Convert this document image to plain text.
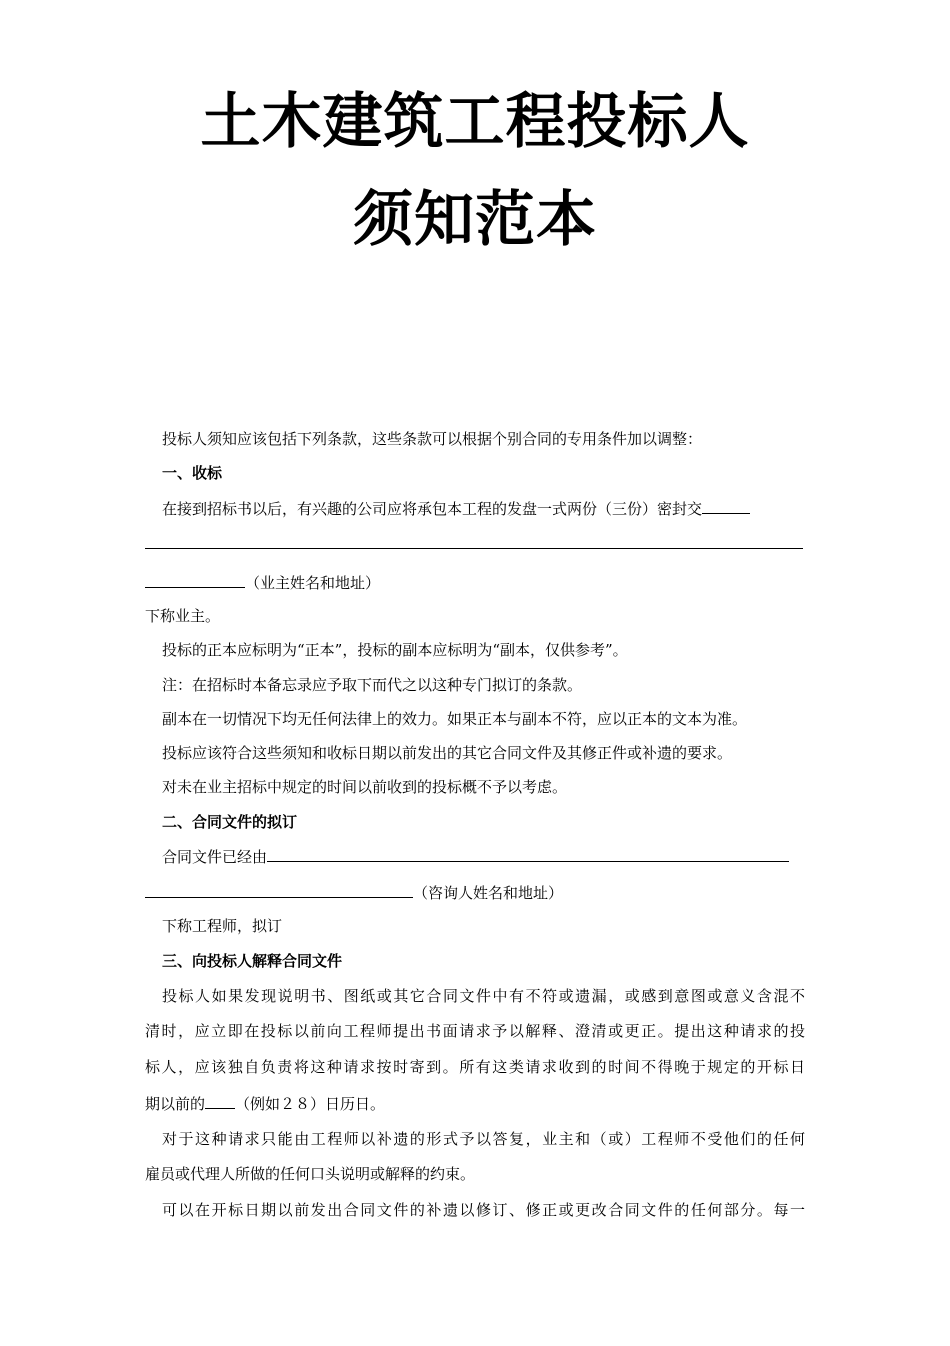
土木建筑工程投标人
须知范本
投标人须知应该包括下列条款，这些条款可以根据个别合同的专用条件加以调整：
一、收标
在接到招标书以后，有兴趣的公司应将承包本工程的发盘一式两份（三份）密封交
（业主姓名和地址）
下称业主。
投标的正本应标明为“正本”，投标的副本应标明为“副本，仅供参考”。
注：在招标时本备忘录应予取下而代之以这种专门拟订的条款。
副本在一切情况下均无任何法律上的效力。如果正本与副本不符，应以正本的文本为准。
投标应该符合这些须知和收标日期以前发出的其它合同文件及其修正件或补遗的要求。
对未在业主招标中规定的时间以前收到的投标概不予以考虑。
二、合同文件的拟订
合同文件已经由
（咨询人姓名和地址）
下称工程师，拟订
三、向投标人解释合同文件
投标人如果发现说明书、图纸或其它合同文件中有不符或遗漏，或感到意图或意义含混不
清时，应立即在投标以前向工程师提出书面请求予以解释、澄清或更正。提出这种请求的投
标人，应该独自负责将这种请求按时寄到。所有这类请求收到的时间不得晚于规定的开标日
期以前的 （例如２８）日历日。
对于这种请求只能由工程师以补遗的形式予以答复，业主和（或）工程师不受他们的任何
雇员或代理人所做的任何口头说明或解释的约束。
可以在开标日期以前发出合同文件的补遗以修订、修正或更改合同文件的任何部分。每一
